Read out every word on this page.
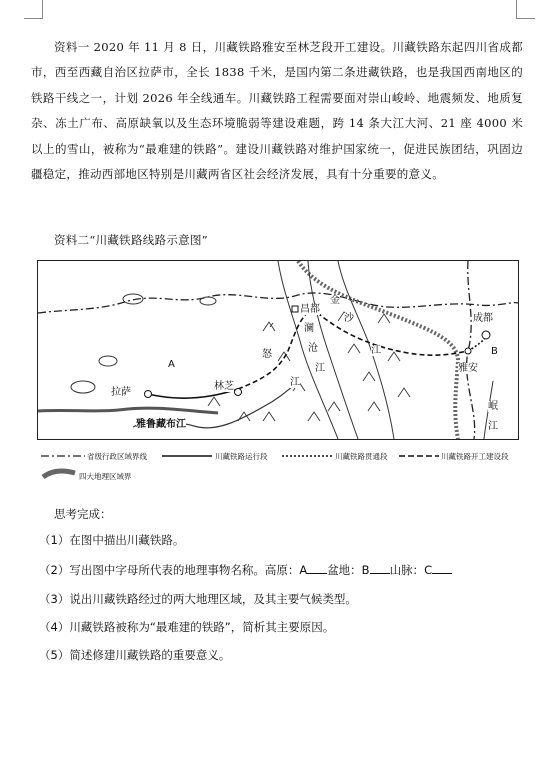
资料一 2020 年 11 月 8 日，川藏铁路雅安至林芝段开工建设。川藏铁路东起四川省成都市，西至西藏自治区拉萨市，全长 1838 千米，是国内第二条进藏铁路，也是我国西南地区的铁路干线之一，计划 2026 年全线通车。川藏铁路工程需要面对崇山峻岭、地震频发、地质复杂、冻土广布、高原缺氧以及生态环境脆弱等建设难题，跨 14 条大江大河、21 座 4000 米以上的雪山，被称为“最难建的铁路”。建设川藏铁路对维护国家统一，促进民族团结，巩固边疆稳定，推动西部地区特别是川藏两省区社会经济发展，具有十分重要的意义。
资料二“川藏铁路线路示意图”
A
B
拉萨
林芝
昌都
成都
雅安
雅鲁藏布江
怒
江
澜
沧
江
金
沙
江
岷
江
省级行政区域界线	川藏铁路运行段	川藏铁路贯通段	川藏铁路开工建设段
四大地理区域界
思考完成：
（1）在图中描出川藏铁路。
（2）写出图中字母所代表的地理事物名称。高原：A 盆地：B 山脉：C
（3）说出川藏铁路经过的两大地理区域，及其主要气候类型。
（4）川藏铁路被称为“最难建的铁路”，简析其主要原因。
（5）简述修建川藏铁路的重要意义。
